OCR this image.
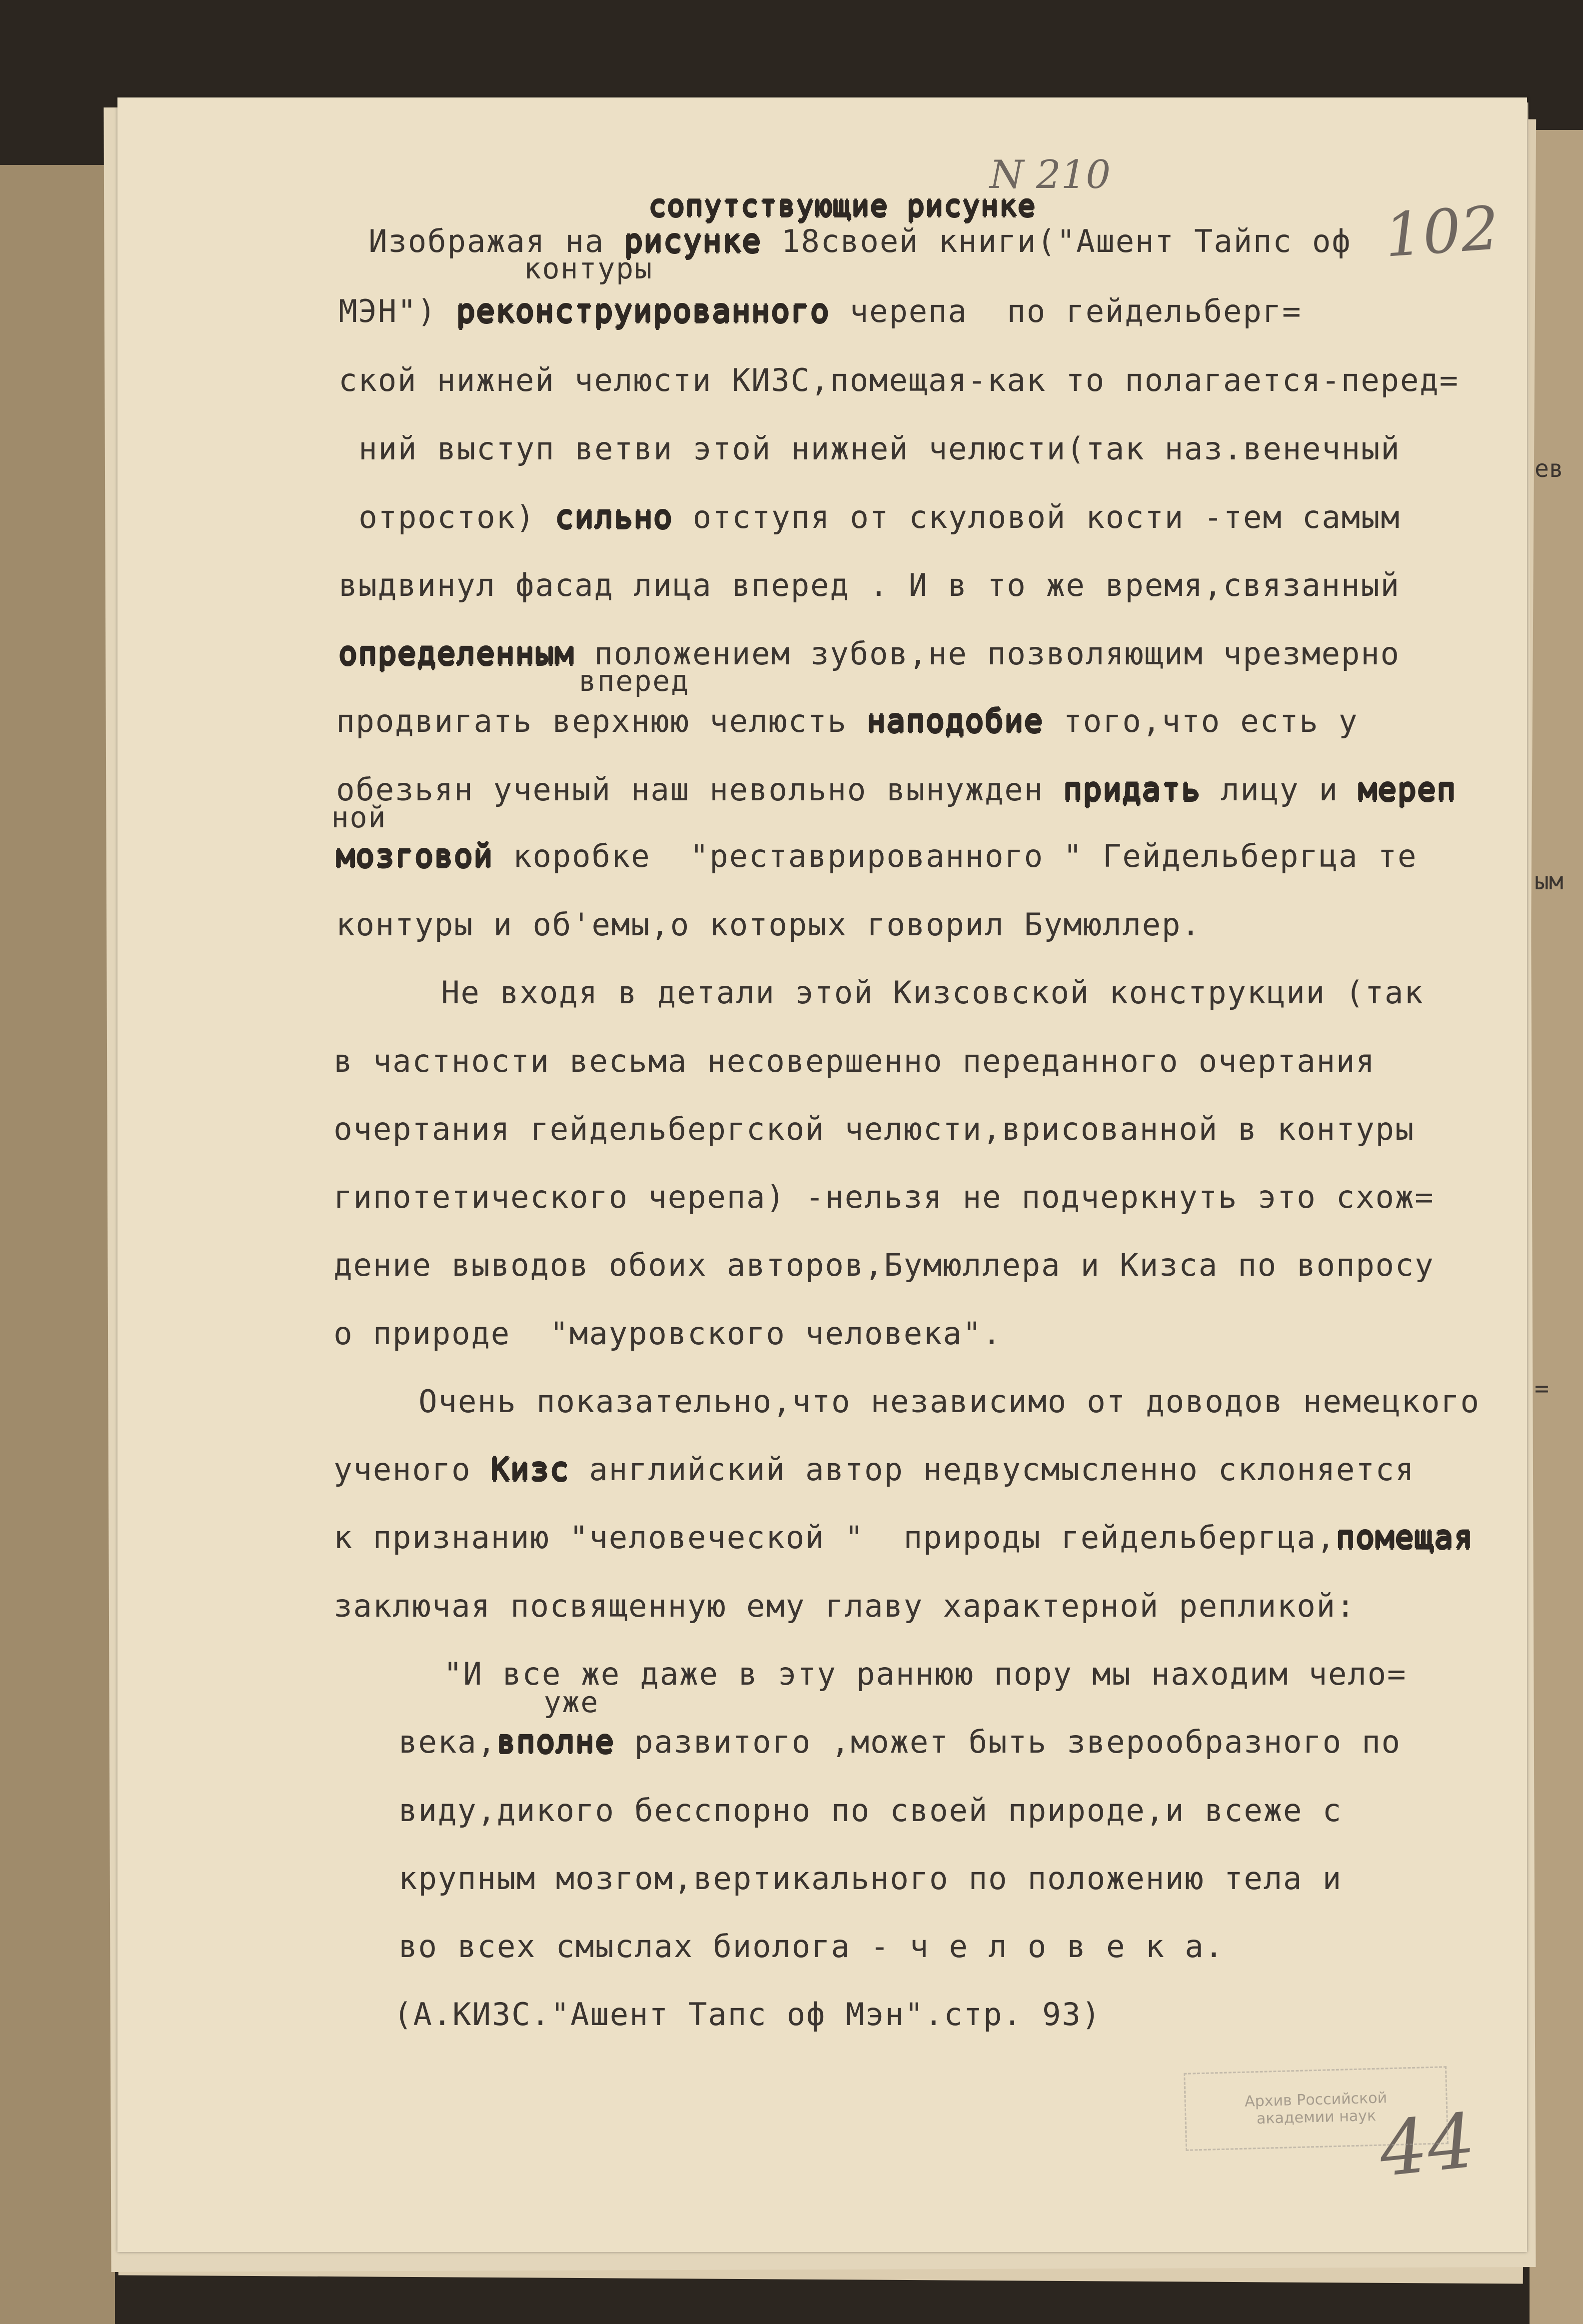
сопутствующие рисунке

Изображая на рисунке 18своей книги("Ашент Тайпс оф

контуры

МЭН") реконструированного черепа  по гейдельберг=

ской нижней челюсти КИЗС,помещая-как то полагается-перед=

ний выступ ветви этой нижней челюсти(так наз.венечный

отросток) сильно отступя от скуловой кости -тем самым

выдвинул фасад лица вперед . И в то же время,связанный

определенным положением зубов,не позволяющим чрезмерно

вперед

продвигать верхнюю челюсть наподобие того,что есть у

обезьян ученый наш невольно вынужден придать лицу и мереп

ной

мозговой коробке  "реставрированного " Гейдельбергца те

контуры и об'емы,о которых говорил Бумюллер.

Не входя в детали этой Кизсовской конструкции (так

в частности весьма несовершенно переданного очертания

очертания гейдельбергской челюсти,врисованной в контуры

гипотетического черепа) -нельзя не подчеркнуть это схож=

дение выводов обоих авторов,Бумюллера и Кизса по вопросу

о природе  "мауровского человека".

Очень показательно,что независимо от доводов немецкого

ученого Кизс английский автор недвусмысленно склоняется

к признанию "человеческой "  природы гейдельбергца,помещая

заключая посвященную ему главу характерной репликой:

"И все же даже в эту раннюю пору мы находим чело=

уже

века,вполне развитого ,может быть зверообразного по

виду,дикого бесспорно по своей природе,и всеже с

крупным мозгом,вертикального по положению тела и

во всех смыслах биолога - ч е л о в е к а.

(А.КИЗС."Ашент Тапс оф Мэн".стр. 93)

N 210
102
44
ев
ым
=
Архив Российской
академии наук
